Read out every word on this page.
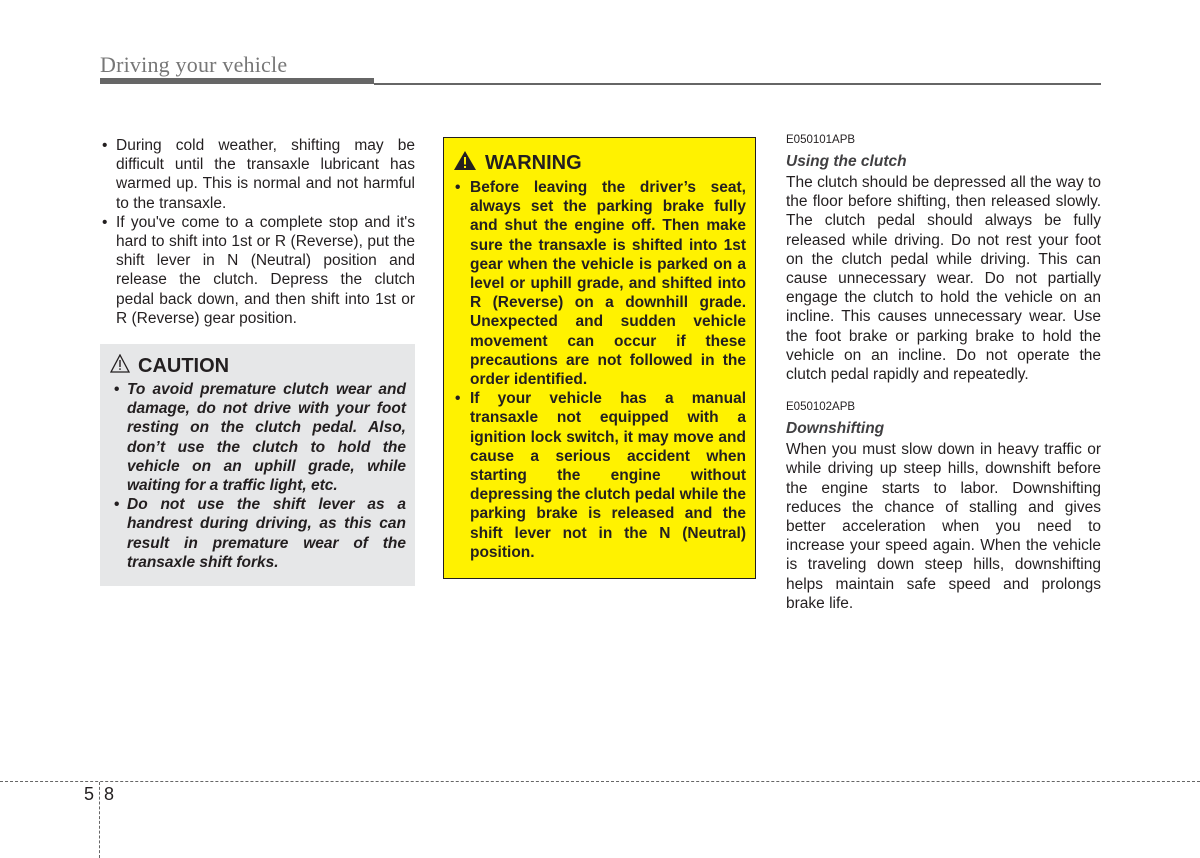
Driving your vehicle
• During cold weather, shifting may be difficult until the transaxle lubricant has warmed up. This is normal and not harmful to the transaxle.
• If you've come to a complete stop and it's hard to shift into 1st or R (Reverse), put the shift lever in N (Neutral) position and release the clutch. Depress the clutch pedal back down, and then shift into 1st or R (Reverse) gear position.
CAUTION
• To avoid premature clutch wear and damage, do not drive with your foot resting on the clutch pedal. Also, don’t use the clutch to hold the vehicle on an uphill grade, while waiting for a traffic light, etc.
• Do not use the shift lever as a handrest during driving, as this can result in premature wear of the transaxle shift forks.
WARNING
• Before leaving the driver’s seat, always set the parking brake fully and shut the engine off. Then make sure the transaxle is shifted into 1st gear when the vehicle is parked on a level or uphill grade, and shifted into R (Reverse) on a downhill grade. Unexpected and sudden vehicle movement can occur if these precautions are not followed in the order identified.
• If your vehicle has a manual transaxle not equipped with a ignition lock switch, it may move and cause a serious accident when starting the engine without depressing the clutch pedal while the parking brake is released and the shift lever not in the N (Neutral) position.

E050101APB

Using the clutch

The clutch should be depressed all the way to the floor before shifting, then released slowly. The clutch pedal should always be fully released while driving. Do not rest your foot on the clutch pedal while driving. This can cause unnecessary wear. Do not partially engage the clutch to hold the vehicle on an incline. This causes unnecessary wear. Use the foot brake or parking brake to hold the vehicle on an incline. Do not operate the clutch pedal rapidly and repeatedly.

E050102APB

Downshifting

When you must slow down in heavy traffic or while driving up steep hills, downshift before the engine starts to labor. Downshifting reduces the chance of stalling and gives better acceleration when you need to increase your speed again. When the vehicle is traveling down steep hills, downshifting helps maintain safe speed and prolongs brake life.

5 8
